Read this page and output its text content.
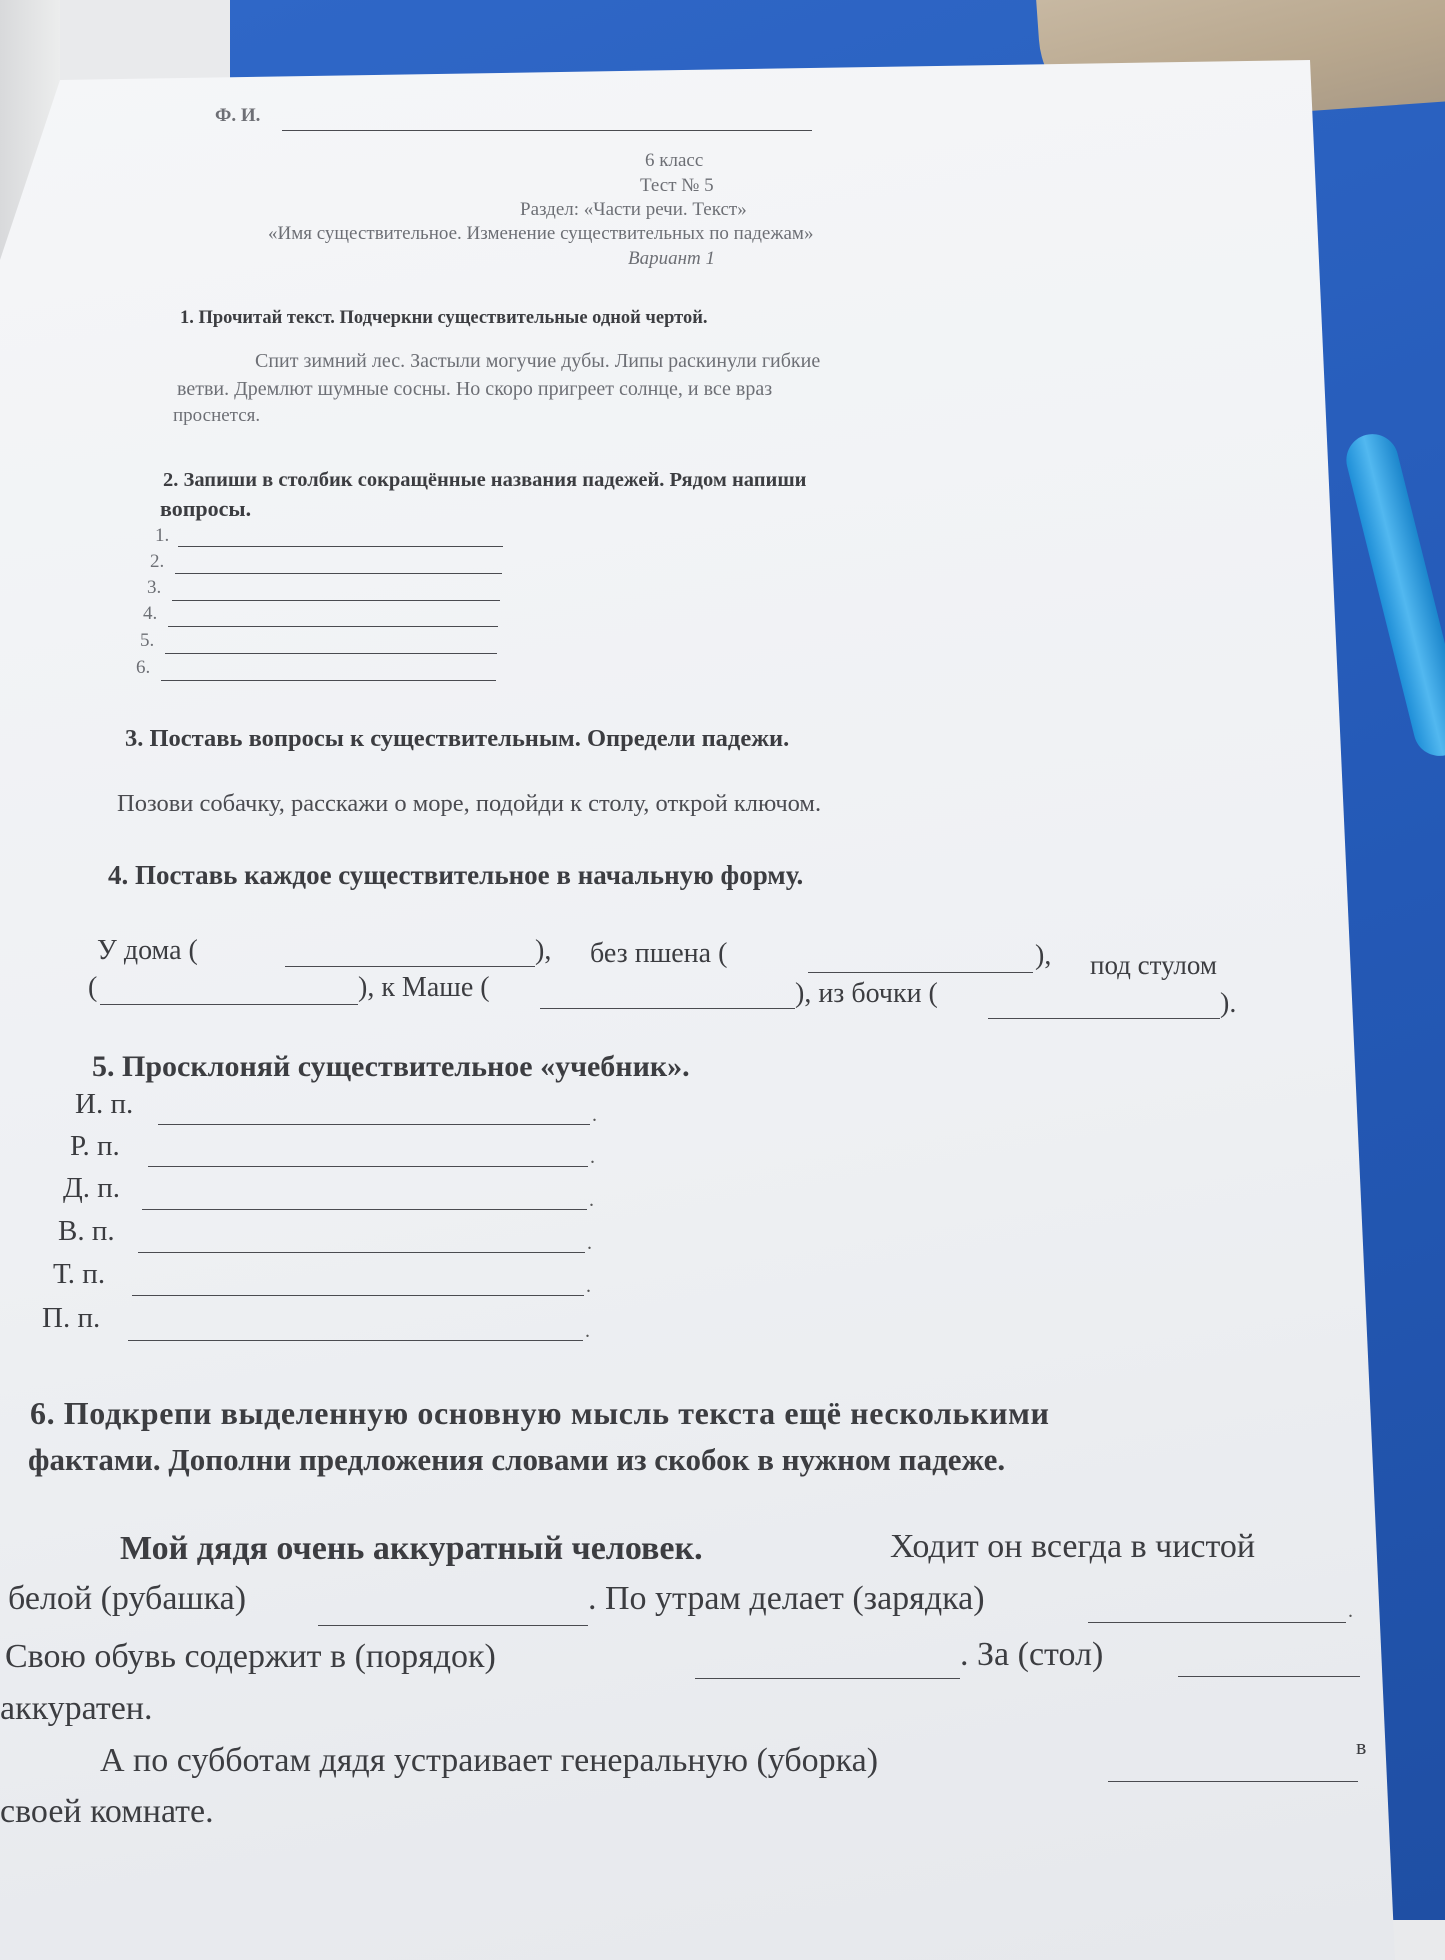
Ф. И.
6 класс
Тест № 5
Раздел: «Части речи. Текст»
«Имя существительное. Изменение существительных по падежам»
Вариант 1
1. Прочитай текст. Подчеркни существительные одной чертой.
Спит зимний лес. Застыли могучие дубы. Липы раскинули гибкие
ветви. Дремлют шумные сосны. Но скоро пригреет солнце, и все враз
проснется.
2. Запиши в столбик сокращённые названия падежей. Рядом напиши
вопросы.
1.
2.
3.
4.
5.
6.
3. Поставь вопросы к существительным. Определи падежи.
Позови собачку, расскажи о море, подойди к столу, открой ключом.
4. Поставь каждое существительное в начальную форму.
У дома (	), без пшена (	), под стулом
(	), к Маше (	), из бочки (	).
5. Просклоняй существительное «учебник».
И. п.	.
Р. п.	.
Д. п.	.
В. п.	.
Т. п.	.
П. п.	.
6. Подкрепи выделенную основную мысль текста ещё несколькими
фактами. Дополни предложения словами из скобок в нужном падеже.
Мой дядя очень аккуратный человек.	Ходит он всегда в чистой
белой (рубашка)	. По утрам делает (зарядка)	.
Свою обувь содержит в (порядок)	. За (стол)
аккуратен.
А по субботам дядя устраивает генеральную (уборка)	в
своей комнате.
